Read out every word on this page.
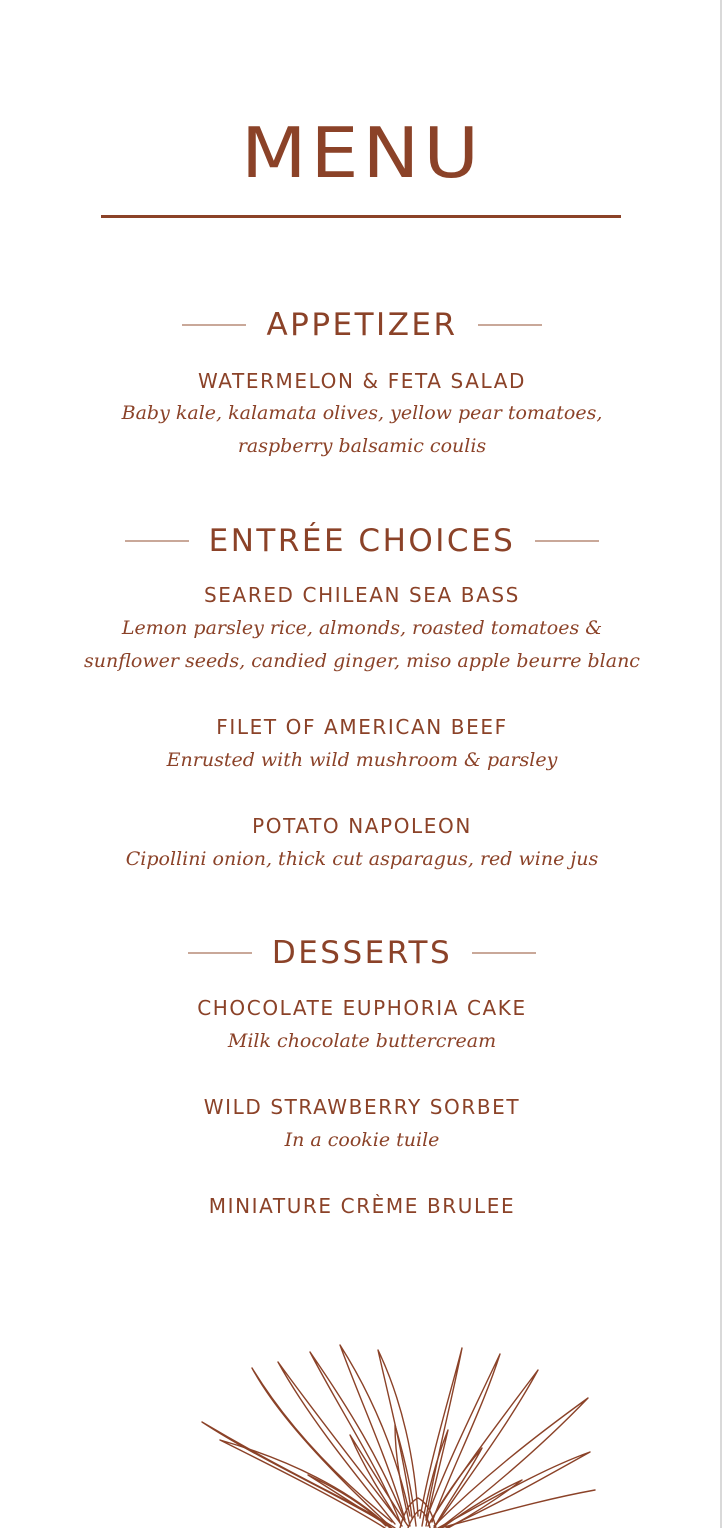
MENU
APPETIZER
WATERMELON & FETA SALAD
Baby kale, kalamata olives, yellow pear tomatoes,
raspberry balsamic coulis
ENTRÉE CHOICES
SEARED CHILEAN SEA BASS
Lemon parsley rice, almonds, roasted tomatoes &
sunflower seeds, candied ginger, miso apple beurre blanc
FILET OF AMERICAN BEEF
Enrusted with wild mushroom & parsley
POTATO NAPOLEON
Cipollini onion, thick cut asparagus, red wine jus
DESSERTS
CHOCOLATE EUPHORIA CAKE
Milk chocolate buttercream
WILD STRAWBERRY SORBET
In a cookie tuile
MINIATURE CRÈME BRULEE
